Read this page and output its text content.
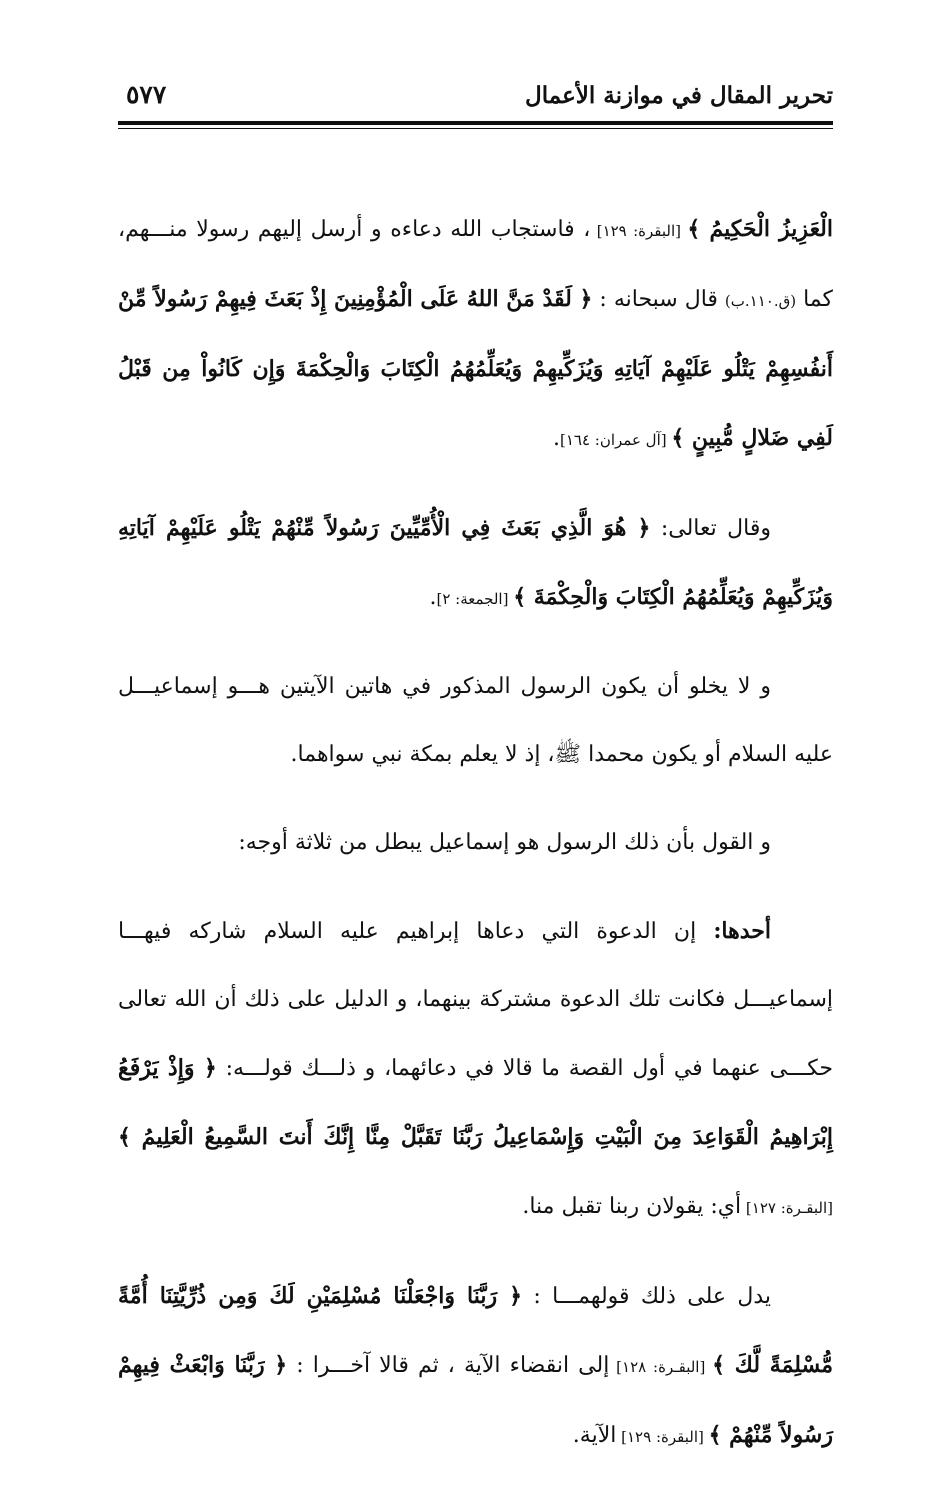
٥٧٧	تحرير المقال في موازنة الأعمال

الْعَزِيزُ الْحَكِيمُ ﴾ [البقرة: ١٢٩] ، فاستجاب الله دعاءه و أرسل إليهم رسولا منـــهم، كما (ق.١١٠.ب) قال سبحانه : ﴿ لَقَدْ مَنَّ اللهُ عَلَى الْمُؤْمِنِينَ إِذْ بَعَثَ فِيهِمْ رَسُولاً مِّنْ أَنفُسِهِمْ يَتْلُو عَلَيْهِمْ آيَاتِهِ وَيُزَكِّيهِمْ وَيُعَلِّمُهُمُ الْكِتَابَ وَالْحِكْمَةَ وَإِن كَانُواْ مِن قَبْلُ لَفِي ضَلالٍ مُّبِينٍ ﴾ [آل عمران: ١٦٤].

وقال تعالى: ﴿ هُوَ الَّذِي بَعَثَ فِي الْأُمِّيِّينَ رَسُولاً مِّنْهُمْ يَتْلُو عَلَيْهِمْ آيَاتِهِ وَيُزَكِّيهِمْ وَيُعَلِّمُهُمُ الْكِتَابَ وَالْحِكْمَةَ ﴾ [الجمعة: ٢].

و لا يخلو أن يكون الرسول المذكور في هاتين الآيتين هـــو إسماعيـــل عليه السلام أو يكون محمدا ﷺ، إذ لا يعلم بمكة نبي سواهما.

و القول بأن ذلك الرسول هو إسماعيل يبطل من ثلاثة أوجه:

أحدها: إن الدعوة التي دعاها إبراهيم عليه السلام شاركه فيهـــا إسماعيـــل فكانت تلك الدعوة مشتركة بينهما، و الدليل على ذلك أن الله تعالى حكـــى عنهما في أول القصة ما قالا في دعائهما، و ذلـــك قولـــه: ﴿ وَإِذْ يَرْفَعُ إِبْرَاهِيمُ الْقَوَاعِدَ مِنَ الْبَيْتِ وَإِسْمَاعِيلُ رَبَّنَا تَقَبَّلْ مِنَّا إِنَّكَ أَنتَ السَّمِيعُ الْعَلِيمُ ﴾ [البقـرة: ١٢٧] أي: يقولان ربنا تقبل منا.

يدل على ذلك قولهمـــا : ﴿ رَبَّنَا وَاجْعَلْنَا مُسْلِمَيْنِ لَكَ وَمِن ذُرِّيَّتِنَا أُمَّةً مُّسْلِمَةً لَّكَ ﴾ [البقـرة: ١٢٨] إلى انقضاء الآية ، ثم قالا آخـــرا : ﴿ رَبَّنَا وَابْعَثْ فِيهِمْ رَسُولاً مِّنْهُمْ ﴾ [البقرة: ١٢٩] الآية.
